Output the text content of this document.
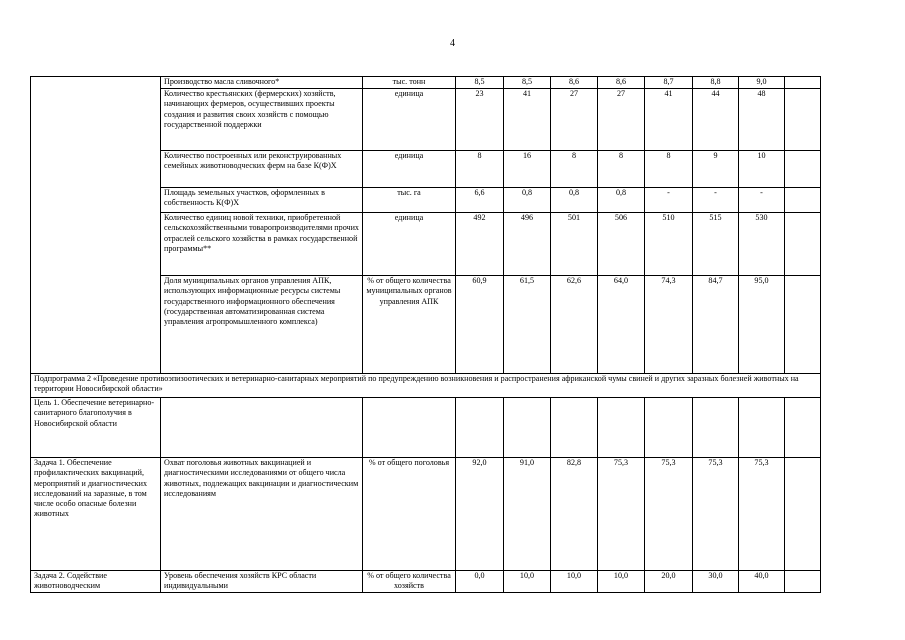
4
	Производство масла сливочного*	тыс. тонн	8,5	8,5	8,6	8,6	8,7	8,8	9,0	
	Количество крестьянских (фермерских) хозяйств, начинающих фермеров, осуществивших проекты создания и развития своих хозяйств с помощью государственной поддержки	единица	23	41	27	27	41	44	48	
	Количество построенных или реконструированных семейных животноводческих ферм на базе К(Ф)Х	единица	8	16	8	8	8	9	10	
	Площадь земельных участков, оформленных в собственность К(Ф)Х	тыс. га	6,6	0,8	0,8	0,8	-	-	-	
	Количество единиц новой техники, приобретенной сельскохозяйственными товаропроизводителями прочих отраслей сельского хозяйства в рамках государственной программы**	единица	492	496	501	506	510	515	530	
	Доля муниципальных органов управления АПК, использующих информационные ресурсы системы государственного информационного обеспечения (государственная автоматизированная система управления агропромышленного комплекса)	% от общего количества муниципальных органов управления АПК	60,9	61,5	62,6	64,0	74,3	84,7	95,0	
Подпрограмма 2 «Проведение противоэпизоотических и ветеринарно-санитарных мероприятий по предупреждению возникновения и распространения африканской чумы свиней и других заразных болезней животных на территории Новосибирской области»										
Цель 1. Обеспечение ветеринарно-санитарного благополучия в Новосибирской области										
Задача 1. Обеспечение профилактических вакцинаций, мероприятий и диагностических исследований на заразные, в том числе особо опасные болезни животных	Охват поголовья животных вакцинацией и диагностическими исследованиями от общего числа животных, подлежащих вакцинации и диагностическим исследованиям	% от общего поголовья	92,0	91,0	82,8	75,3	75,3	75,3	75,3	
Задача 2. Содействие животноводческим	Уровень обеспечения хозяйств КРС области индивидуальными	% от общего количества хозяйств	0,0	10,0	10,0	10,0	20,0	30,0	40,0	
